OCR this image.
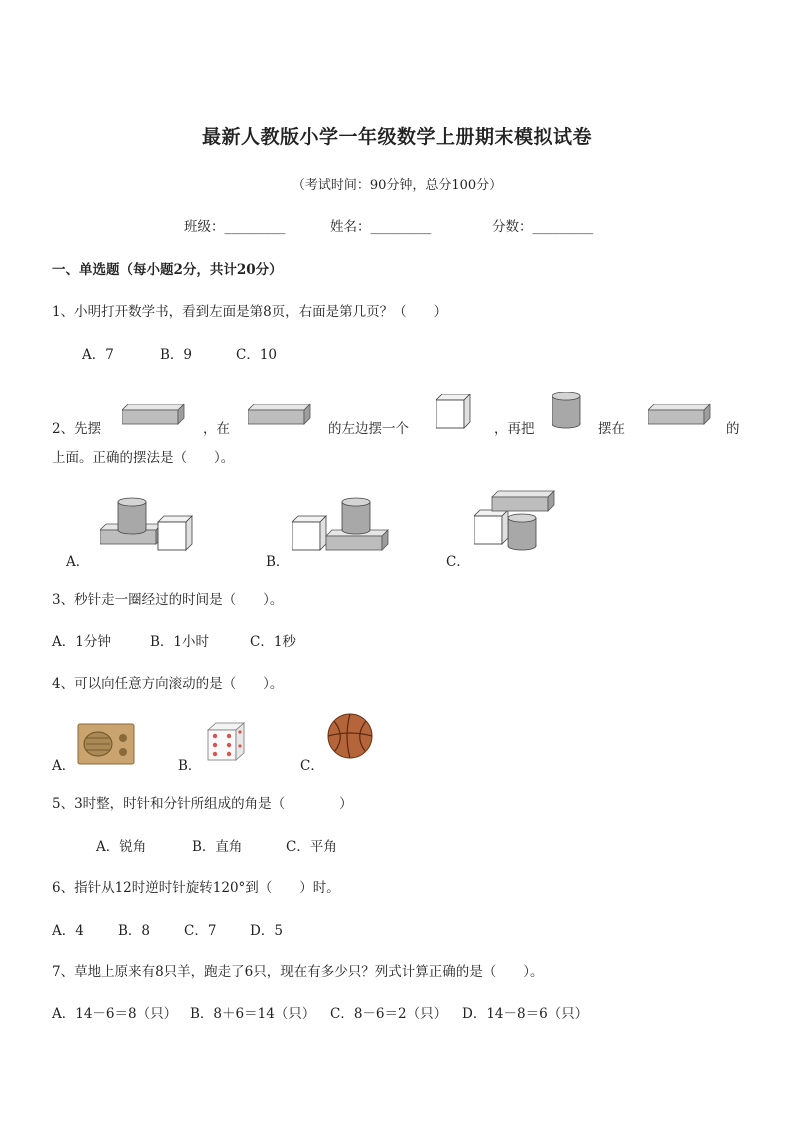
最新人教版小学一年级数学上册期末模拟试卷
（考试时间：90分钟，总分100分）
班级：_________	姓名：_________	分数：_________
一、单选题（每小题2分，共计20分）
1、小明打开数学书，看到左面是第8页，右面是第几页？（　　）
A．7	B．9	C．10
2、先摆	，在	的左边摆一个	，再把	摆在	的
上面。正确的摆法是（　　）。
A．	B．	C．
3、秒针走一圈经过的时间是（　　）。
A．1分钟	B．1小时	C．1秒
4、可以向任意方向滚动的是（　　）。
A．	B．	C．
5、3时整，时针和分针所组成的角是（　　　　）
A．锐角	B．直角	C．平角
6、指针从12时逆时针旋转120°到（　　）时。
A．4	B．8	C．7 D．5
7、草地上原来有8只羊，跑走了6只，现在有多少只？列式计算正确的是（　　）。
A．14－6＝8（只） B．8＋6＝14（只） C．8－6＝2（只） D．14－8＝6（只）
